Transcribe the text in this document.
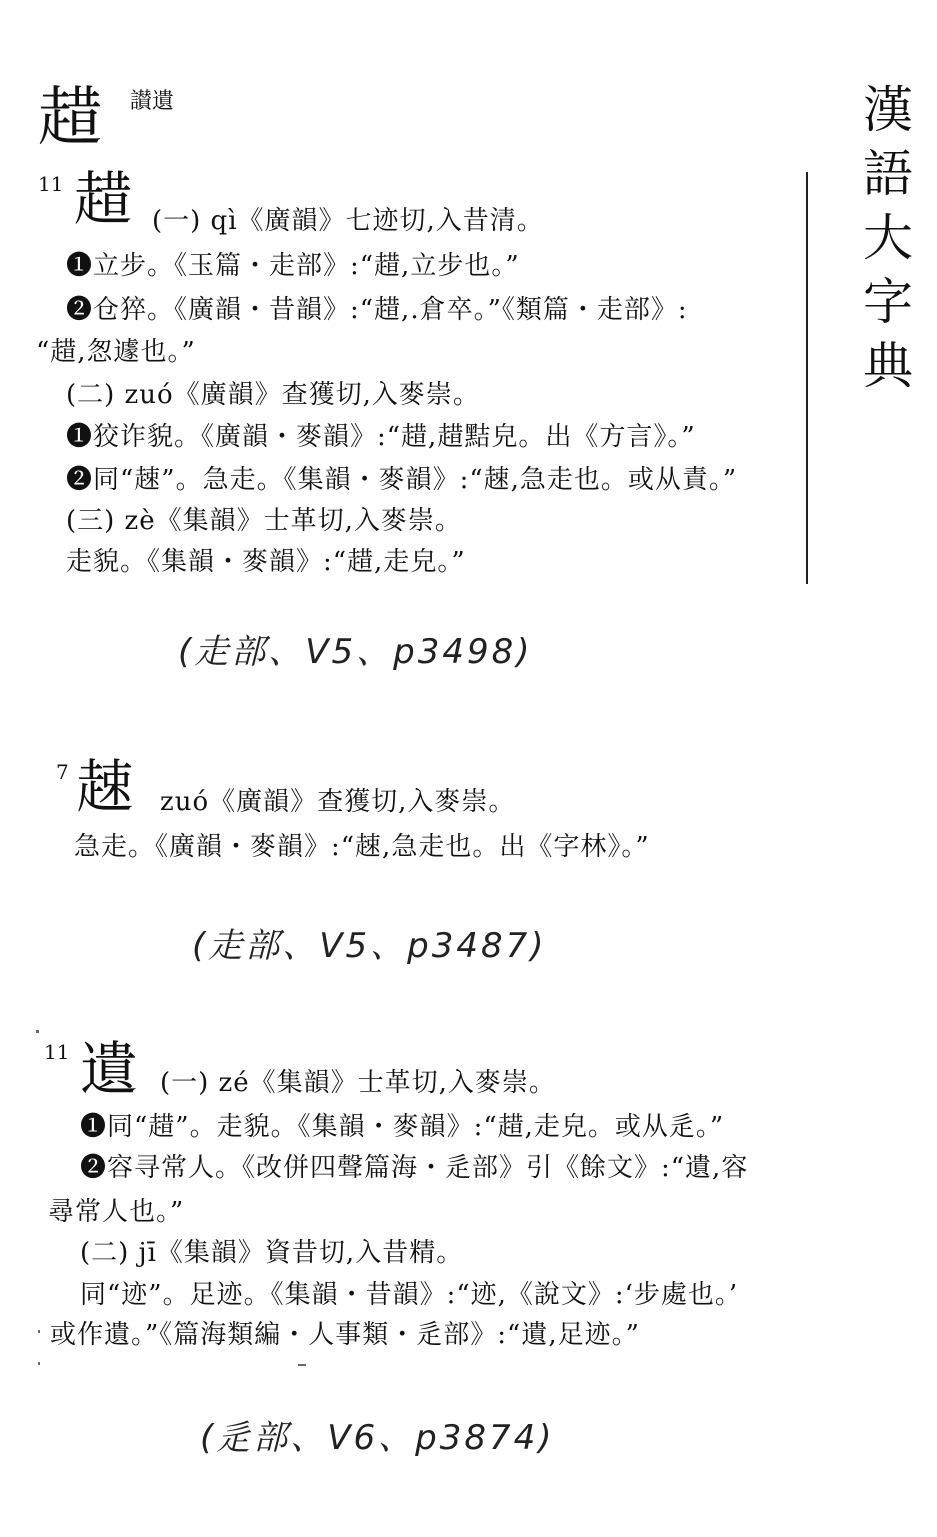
趞 讃遺	漢
語
大
字
典
11 趞 (一) qì《廣韻》七迹切,入昔清。
❶立步。《玉篇・走部》:“趞,立步也。”
❷仓猝。《廣韻・昔韻》:“趞,.倉卒。”《類篇・走部》:
“趞,怱遽也。”
(二) zuó《廣韻》查獲切,入麥崇。
❶狡诈貌。《廣韻・麥韻》:“趞,趞黠皃。出《方言》。”
❷同“趚”。急走。《集韻・麥韻》:“趚,急走也。或从責。”
(三) zè《集韻》士革切,入麥崇。
走貌。《集韻・麥韻》:“趞,走皃。”
(走部、V5、p3498)
7 趚 zuó《廣韻》查獲切,入麥崇。
急走。《廣韻・麥韻》:“趚,急走也。出《字林》。”
(走部、V5、p3487)
11 遺 (一) zé《集韻》士革切,入麥崇。
❶同“趞”。走貌。《集韻・麥韻》:“趞,走皃。或从辵。”
❷容寻常人。《改併四聲篇海・辵部》引《餘文》:“遺,容
尋常人也。”
(二) jī《集韻》資昔切,入昔精。
同“迹”。足迹。《集韻・昔韻》:“迹,《說文》:‘步處也。’
或作遺。”《篇海類編・人事類・辵部》:“遺,足迹。”
(辵部、V6、p3874)
